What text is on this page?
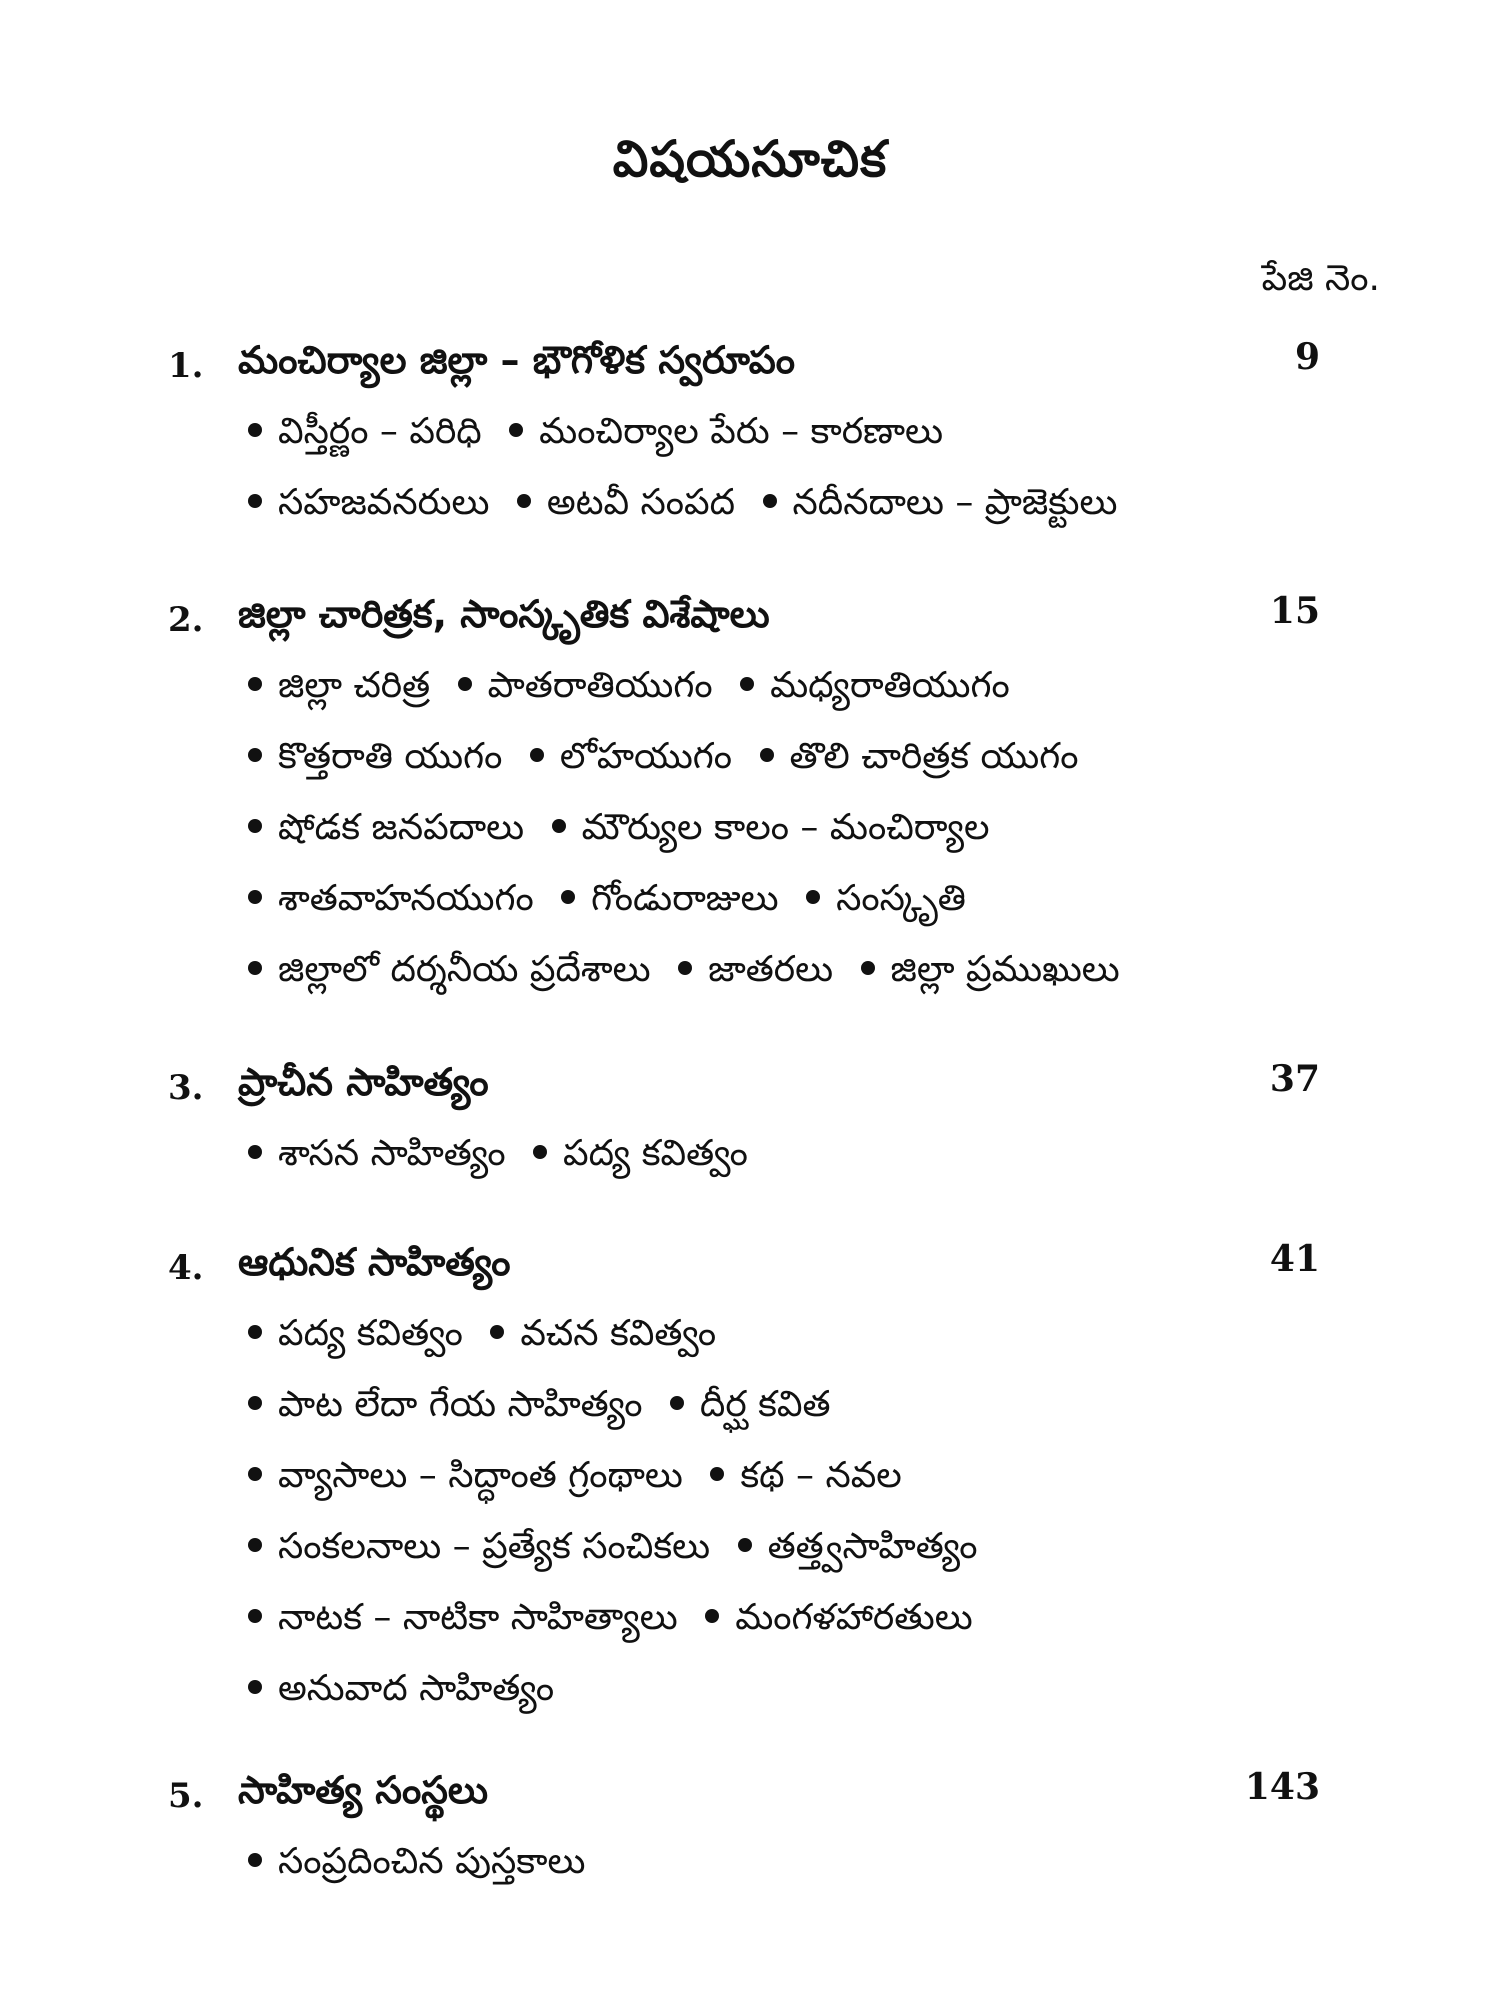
విషయసూచిక
పేజి నెం.
1. మంచిర్యాల జిల్లా – భౌగోళిక స్వరూపం	9
విస్తీర్ణం – పరిధి మంచిర్యాల పేరు – కారణాలు
సహజవనరులు అటవీ సంపద నదీనదాలు – ప్రాజెక్టులు
2. జిల్లా చారిత్రక, సాంస్కృతిక విశేషాలు	15
జిల్లా చరిత్ర పాతరాతియుగం మధ్యరాతియుగం
కొత్తరాతి యుగం లోహయుగం తొలి చారిత్రక యుగం
షోడక జనపదాలు మౌర్యుల కాలం – మంచిర్యాల
శాతవాహనయుగం గోండురాజులు సంస్కృతి
జిల్లాలో దర్శనీయ ప్రదేశాలు జాతరలు జిల్లా ప్రముఖులు
3. ప్రాచీన సాహిత్యం	37
శాసన సాహిత్యం పద్య కవిత్వం
4. ఆధునిక సాహిత్యం	41
పద్య కవిత్వం వచన కవిత్వం
పాట లేదా గేయ సాహిత్యం దీర్ఘ కవిత
వ్యాసాలు – సిద్ధాంత గ్రంథాలు కథ – నవల
సంకలనాలు – ప్రత్యేక సంచికలు తత్త్వసాహిత్యం
నాటక – నాటికా సాహిత్యాలు మంగళహారతులు
అనువాద సాహిత్యం
5. సాహిత్య సంస్థలు	143
సంప్రదించిన పుస్తకాలు
